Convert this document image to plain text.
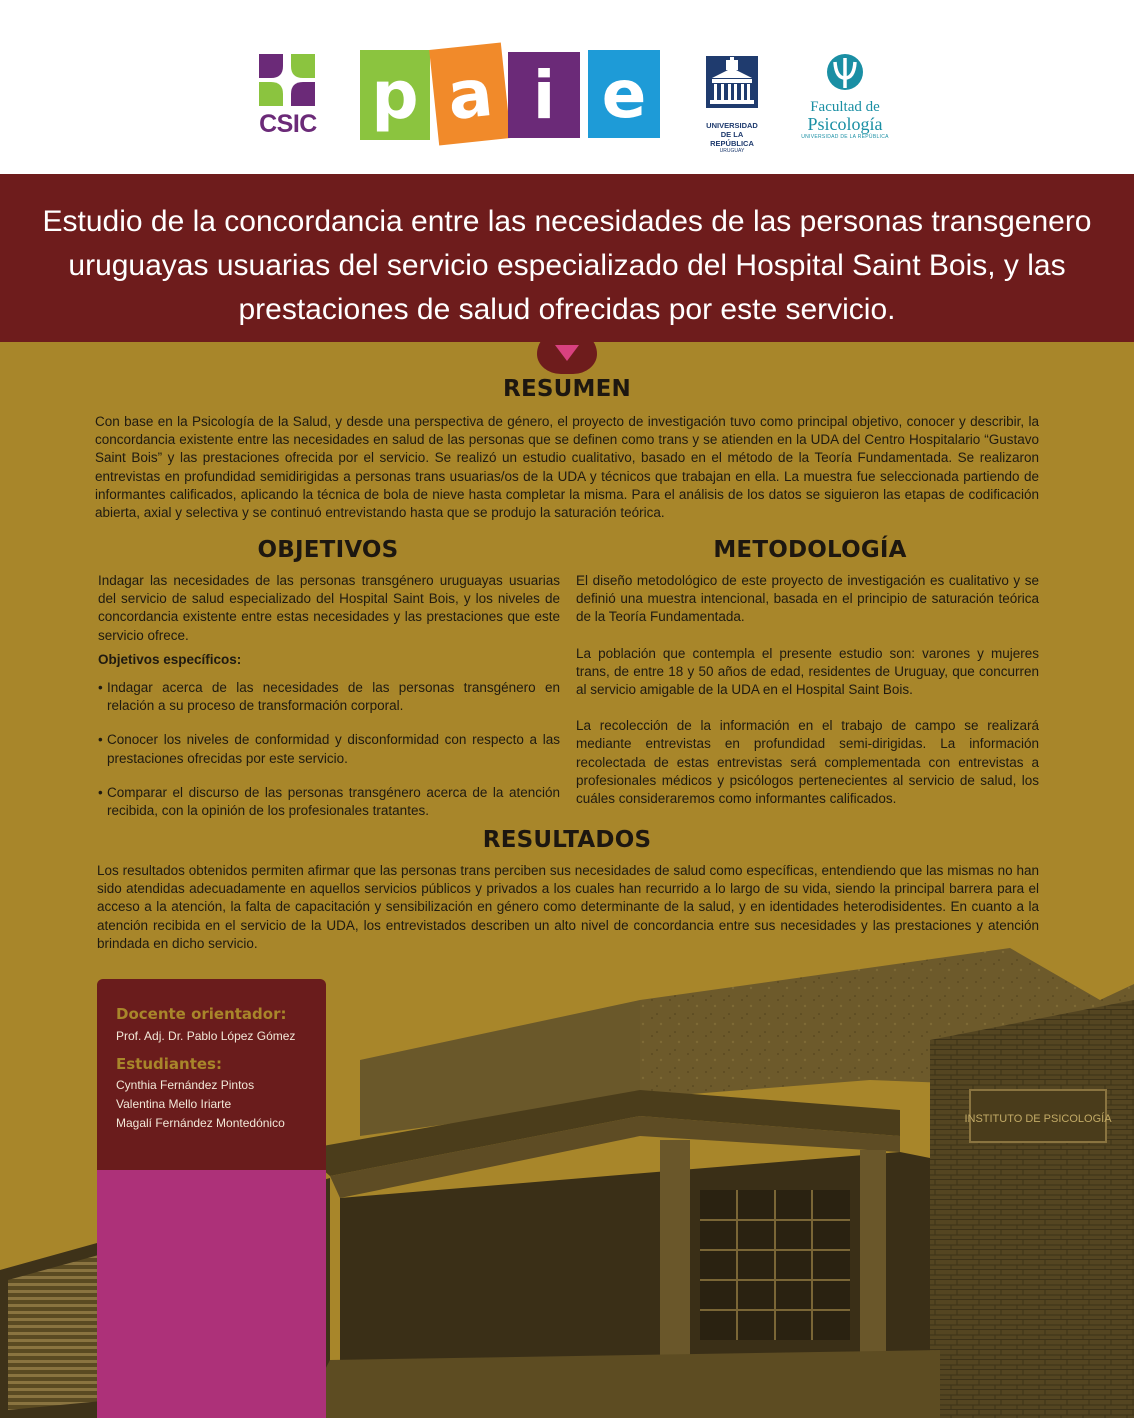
CSIC p a i e	UNIVERSIDAD DE LA REPÚBLICA
URUGUAY
Facultad de
Psicología
UNIVERSIDAD DE LA REPÚBLICA
Estudio de la concordancia entre las necesidades de las personas transgenero uruguayas usuarias del servicio especializado del Hospital Saint Bois, y las prestaciones de salud ofrecidas por este servicio.
INSTITUTO DE PSICOLOGÍA
Docente orientador:
Prof. Adj. Dr. Pablo López Gómez
Estudiantes:
Cynthia Fernández Pintos
Valentina Mello Iriarte
Magalí Fernández Montedónico
RESUMEN
Con base en la Psicología de la Salud, y desde una perspectiva de género, el proyecto de investigación tuvo como principal objetivo, conocer y describir, la concordancia existente entre las necesidades en salud de las personas que se definen como trans y se atienden en la UDA del Centro Hospitalario “Gustavo Saint Bois” y las prestaciones ofrecida por el servicio. Se realizó un estudio cualitativo, basado en el método de la Teoría Fundamentada. Se realizaron entrevistas en profundidad semidirigidas a personas trans usuarias/os de la UDA y técnicos que trabajan en ella. La muestra fue seleccionada partiendo de informantes calificados, aplicando la técnica de bola de nieve hasta completar la misma. Para el análisis de los datos se siguieron las etapas de codificación abierta, axial y selectiva y se continuó entrevistando hasta que se produjo la saturación teórica.
OBJETIVOS
Indagar las necesidades de las personas transgénero uruguayas usuarias del servicio de salud especializado del Hospital Saint Bois, y los niveles de concordancia existente entre estas necesidades y las prestaciones que este servicio ofrece.
Objetivos específicos:
• Indagar acerca de las necesidades de las personas transgénero en relación a su proceso de transformación corporal.
• Conocer los niveles de conformidad y disconformidad con respecto a las prestaciones ofrecidas por este servicio.
• Comparar el discurso de las personas transgénero acerca de la atención recibida, con la opinión de los profesionales tratantes.
METODOLOGÍA

El diseño metodológico de este proyecto de investigación es cualitativo y se definió una muestra intencional, basada en el principio de saturación teórica de la Teoría Fundamentada.

La población que contempla el presente estudio son: varones y mujeres trans, de entre 18 y 50 años de edad, residentes de Uruguay, que concurren al servicio amigable de la UDA en el Hospital Saint Bois.

La recolección de la información en el trabajo de campo se realizará mediante entrevistas en profundidad semi-dirigidas. La información recolectada de estas entrevistas será complementada con entrevistas a profesionales médicos y psicólogos pertenecientes al servicio de salud, los cuáles consideraremos como informantes calificados.

RESULTADOS
Los resultados obtenidos permiten afirmar que las personas trans perciben sus necesidades de salud como específicas, entendiendo que las mismas no han sido atendidas adecuadamente en aquellos servicios públicos y privados a los cuales han recurrido a lo largo de su vida, siendo la principal barrera para el acceso a la atención, la falta de capacitación y sensibilización en género como determinante de la salud, y en identidades heterodisidentes. En cuanto a la atención recibida en el servicio de la UDA, los entrevistados describen un alto nivel de concordancia entre sus necesidades y las prestaciones y atención brindada en dicho servicio.
